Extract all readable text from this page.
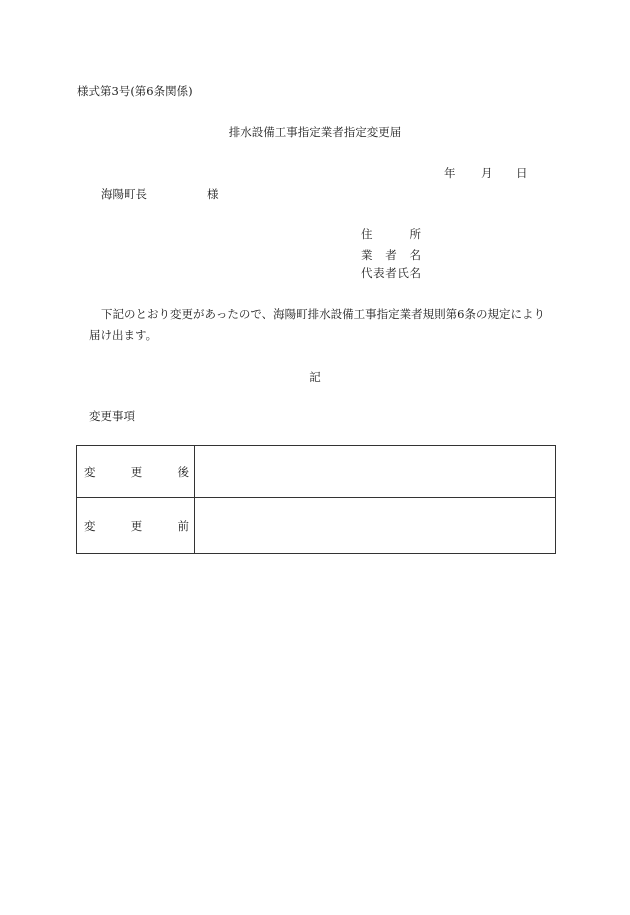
様式第3号(第6条関係)
排水設備工事指定業者指定変更届
年 月 日
海陽町長	様
住	所
業 者 名
代 表 者 氏 名
下記のとおり変更があったので、海陽町排水設備工事指定業者規則第6条の規定により
届け出ます。
記
変更事項
変 更 後	

変 更 前	
